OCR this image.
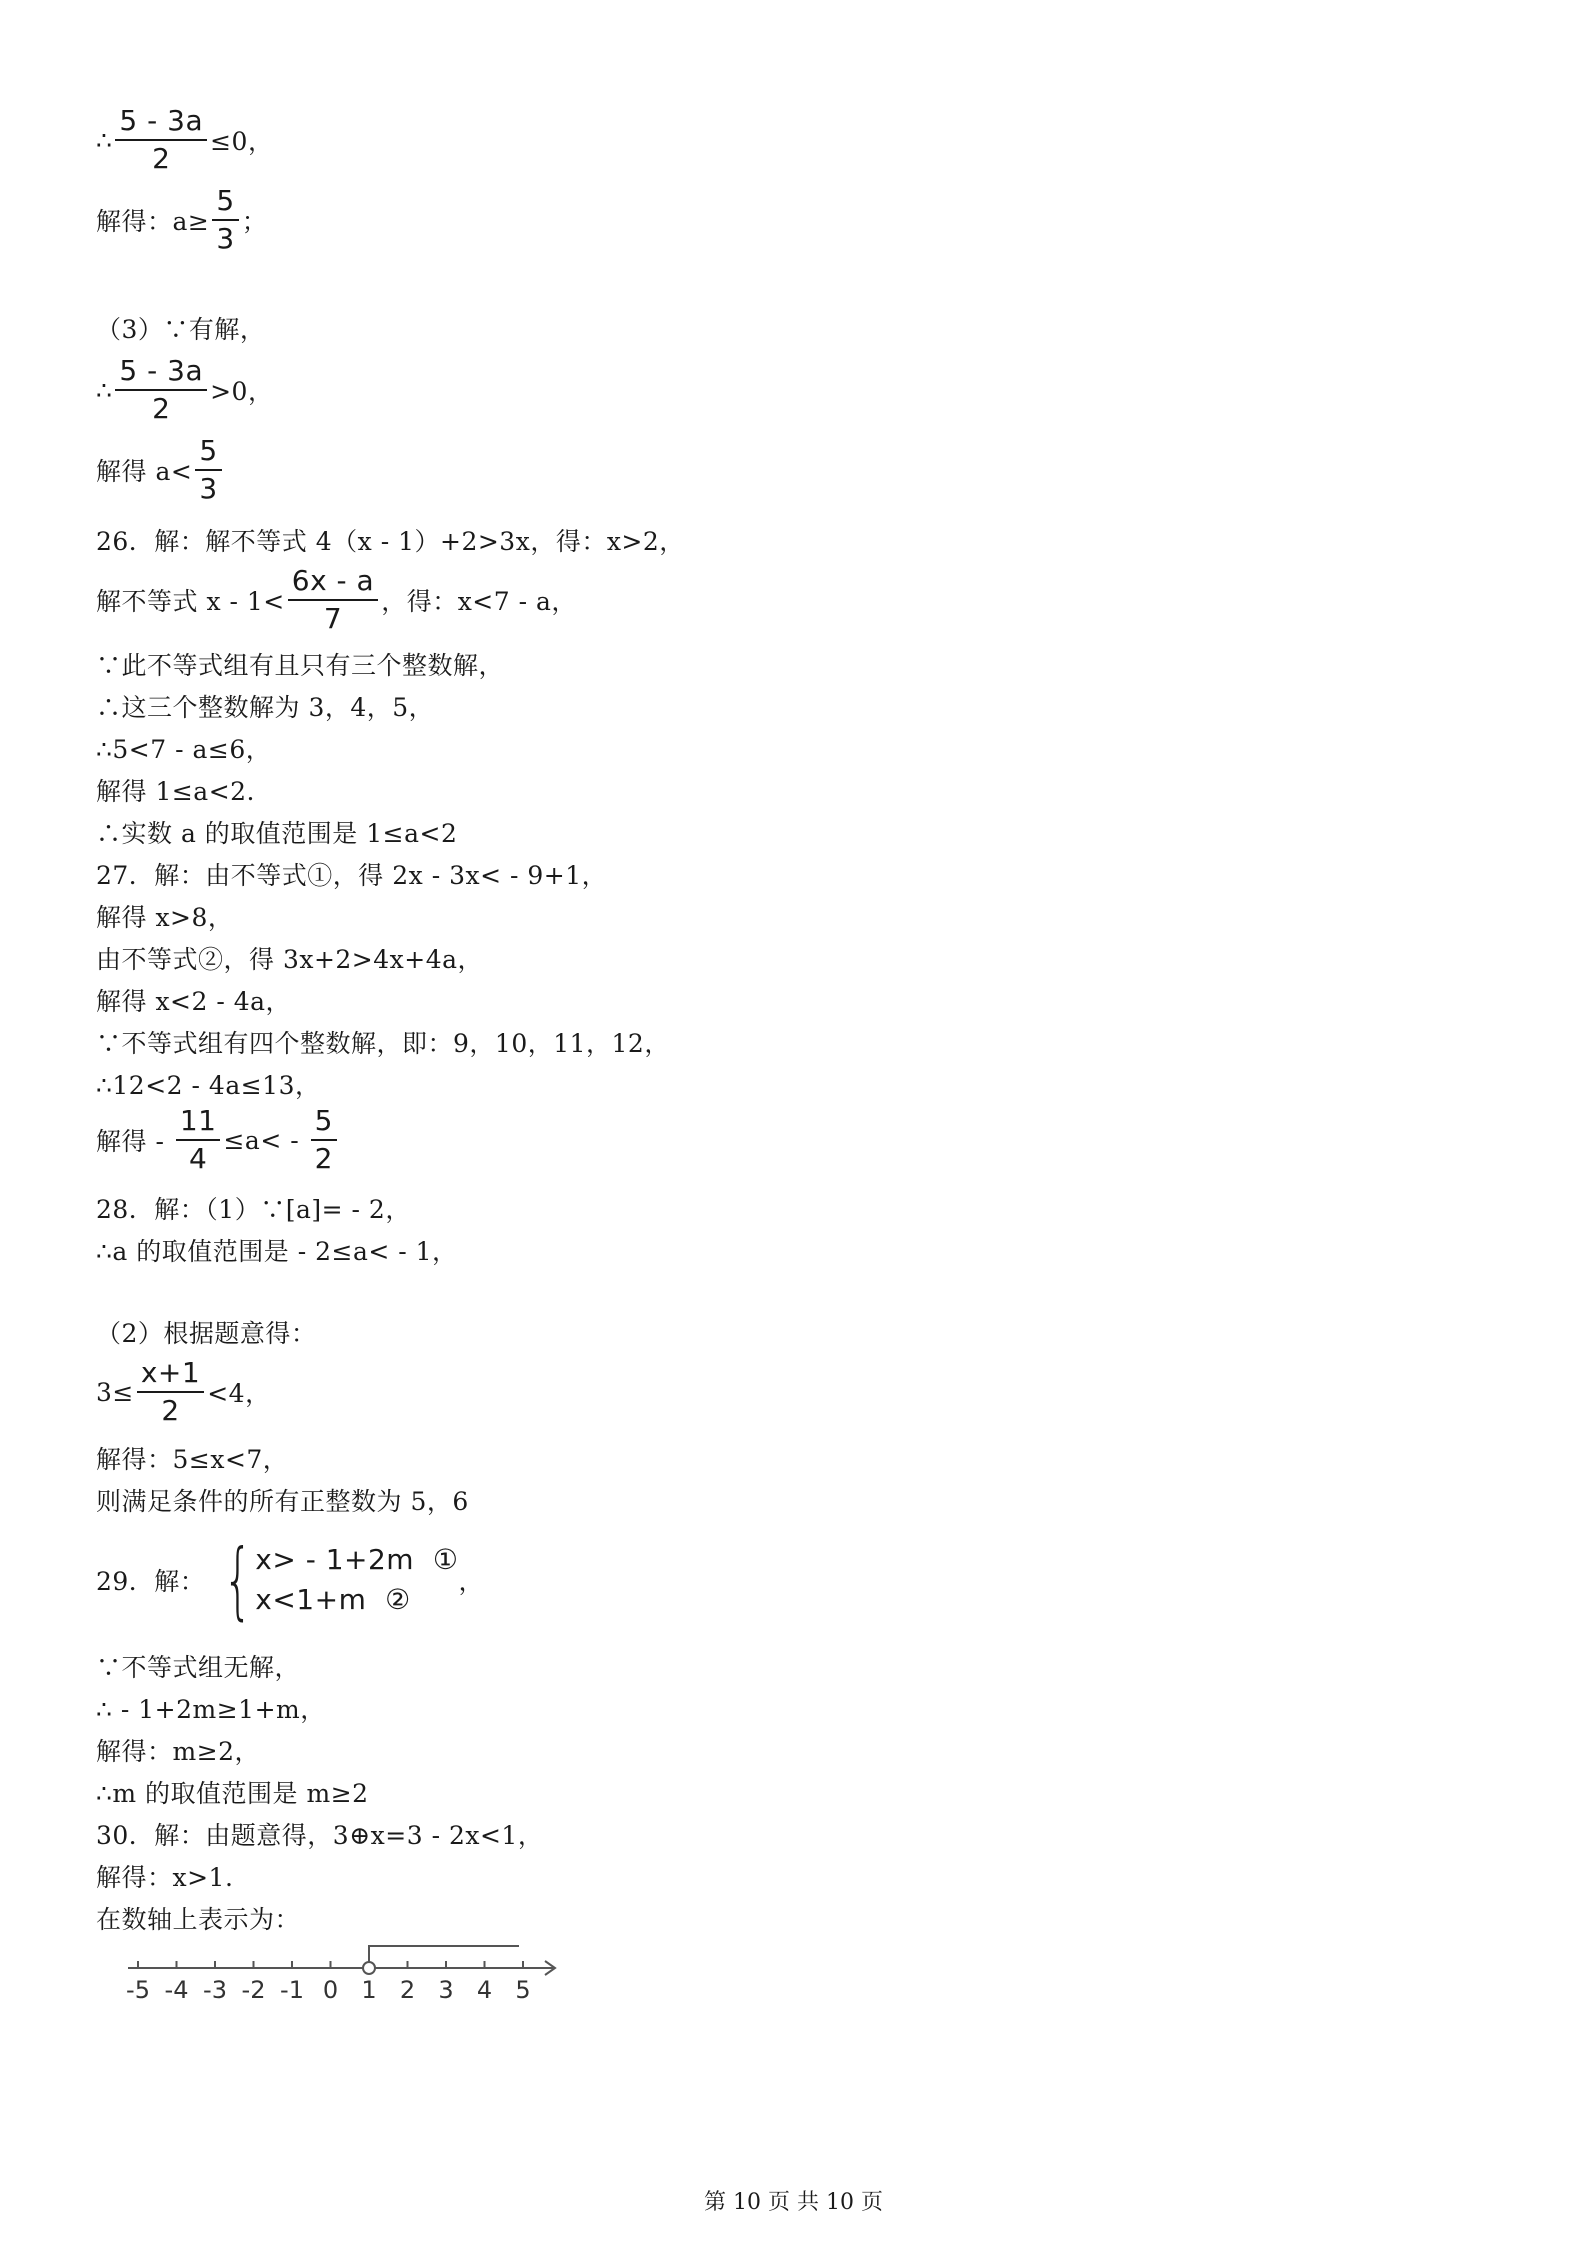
∴ $\frac{5 - 3a}{2} \le 0$，
解得：$a\ge \frac{5}{3}$ ；
（3）∵有解，
∴ $\frac{5 - 3a}{2} >0$，
解得 $a< \frac{5}{3}$
26．解：解不等式 4（x - 1）+2>3x，得：x>2，
解不等式 $x - 1< \frac{6x - a}{7}$ ，得：x<7 - a，
∵此不等式组有且只有三个整数解，
∴这三个整数解为 3，4，5，
∴5<7 - a≤6，
解得 1≤a<2.
∴实数 a 的取值范围是 1≤a<2
27．解：由不等式①，得 2x - 3x< - 9+1，
解得 x>8，
由不等式②，得 3x+2>4x+4a，
解得 x<2 - 4a，
∵不等式组有四个整数解，即：9，10，11，12，
∴12<2 - 4a≤13，
解得 - $\frac{11}{4} \le a< - \frac{5}{2}$
28．解：（1）∵[a]= - 2，
∴a 的取值范围是 - 2≤a< - 1，
（2）根据题意得：
$3\le \frac{x+1}{2} <4$，
解得：5≤x<7，
则满足条件的所有正整数为 5，6
29．解： { x> - 1+2m  ①
x<1+m  ②
，
∵不等式组无解，
∴ - 1+2m≥1+m，
解得：m≥2，
∴m 的取值范围是 m≥2
30．解：由题意得，3⊕x=3 - 2x<1，
解得：x>1.
在数轴上表示为：
-5 -4 -3 -2 -1 0 1 2 3 4 5
第 10 页 共 10 页
